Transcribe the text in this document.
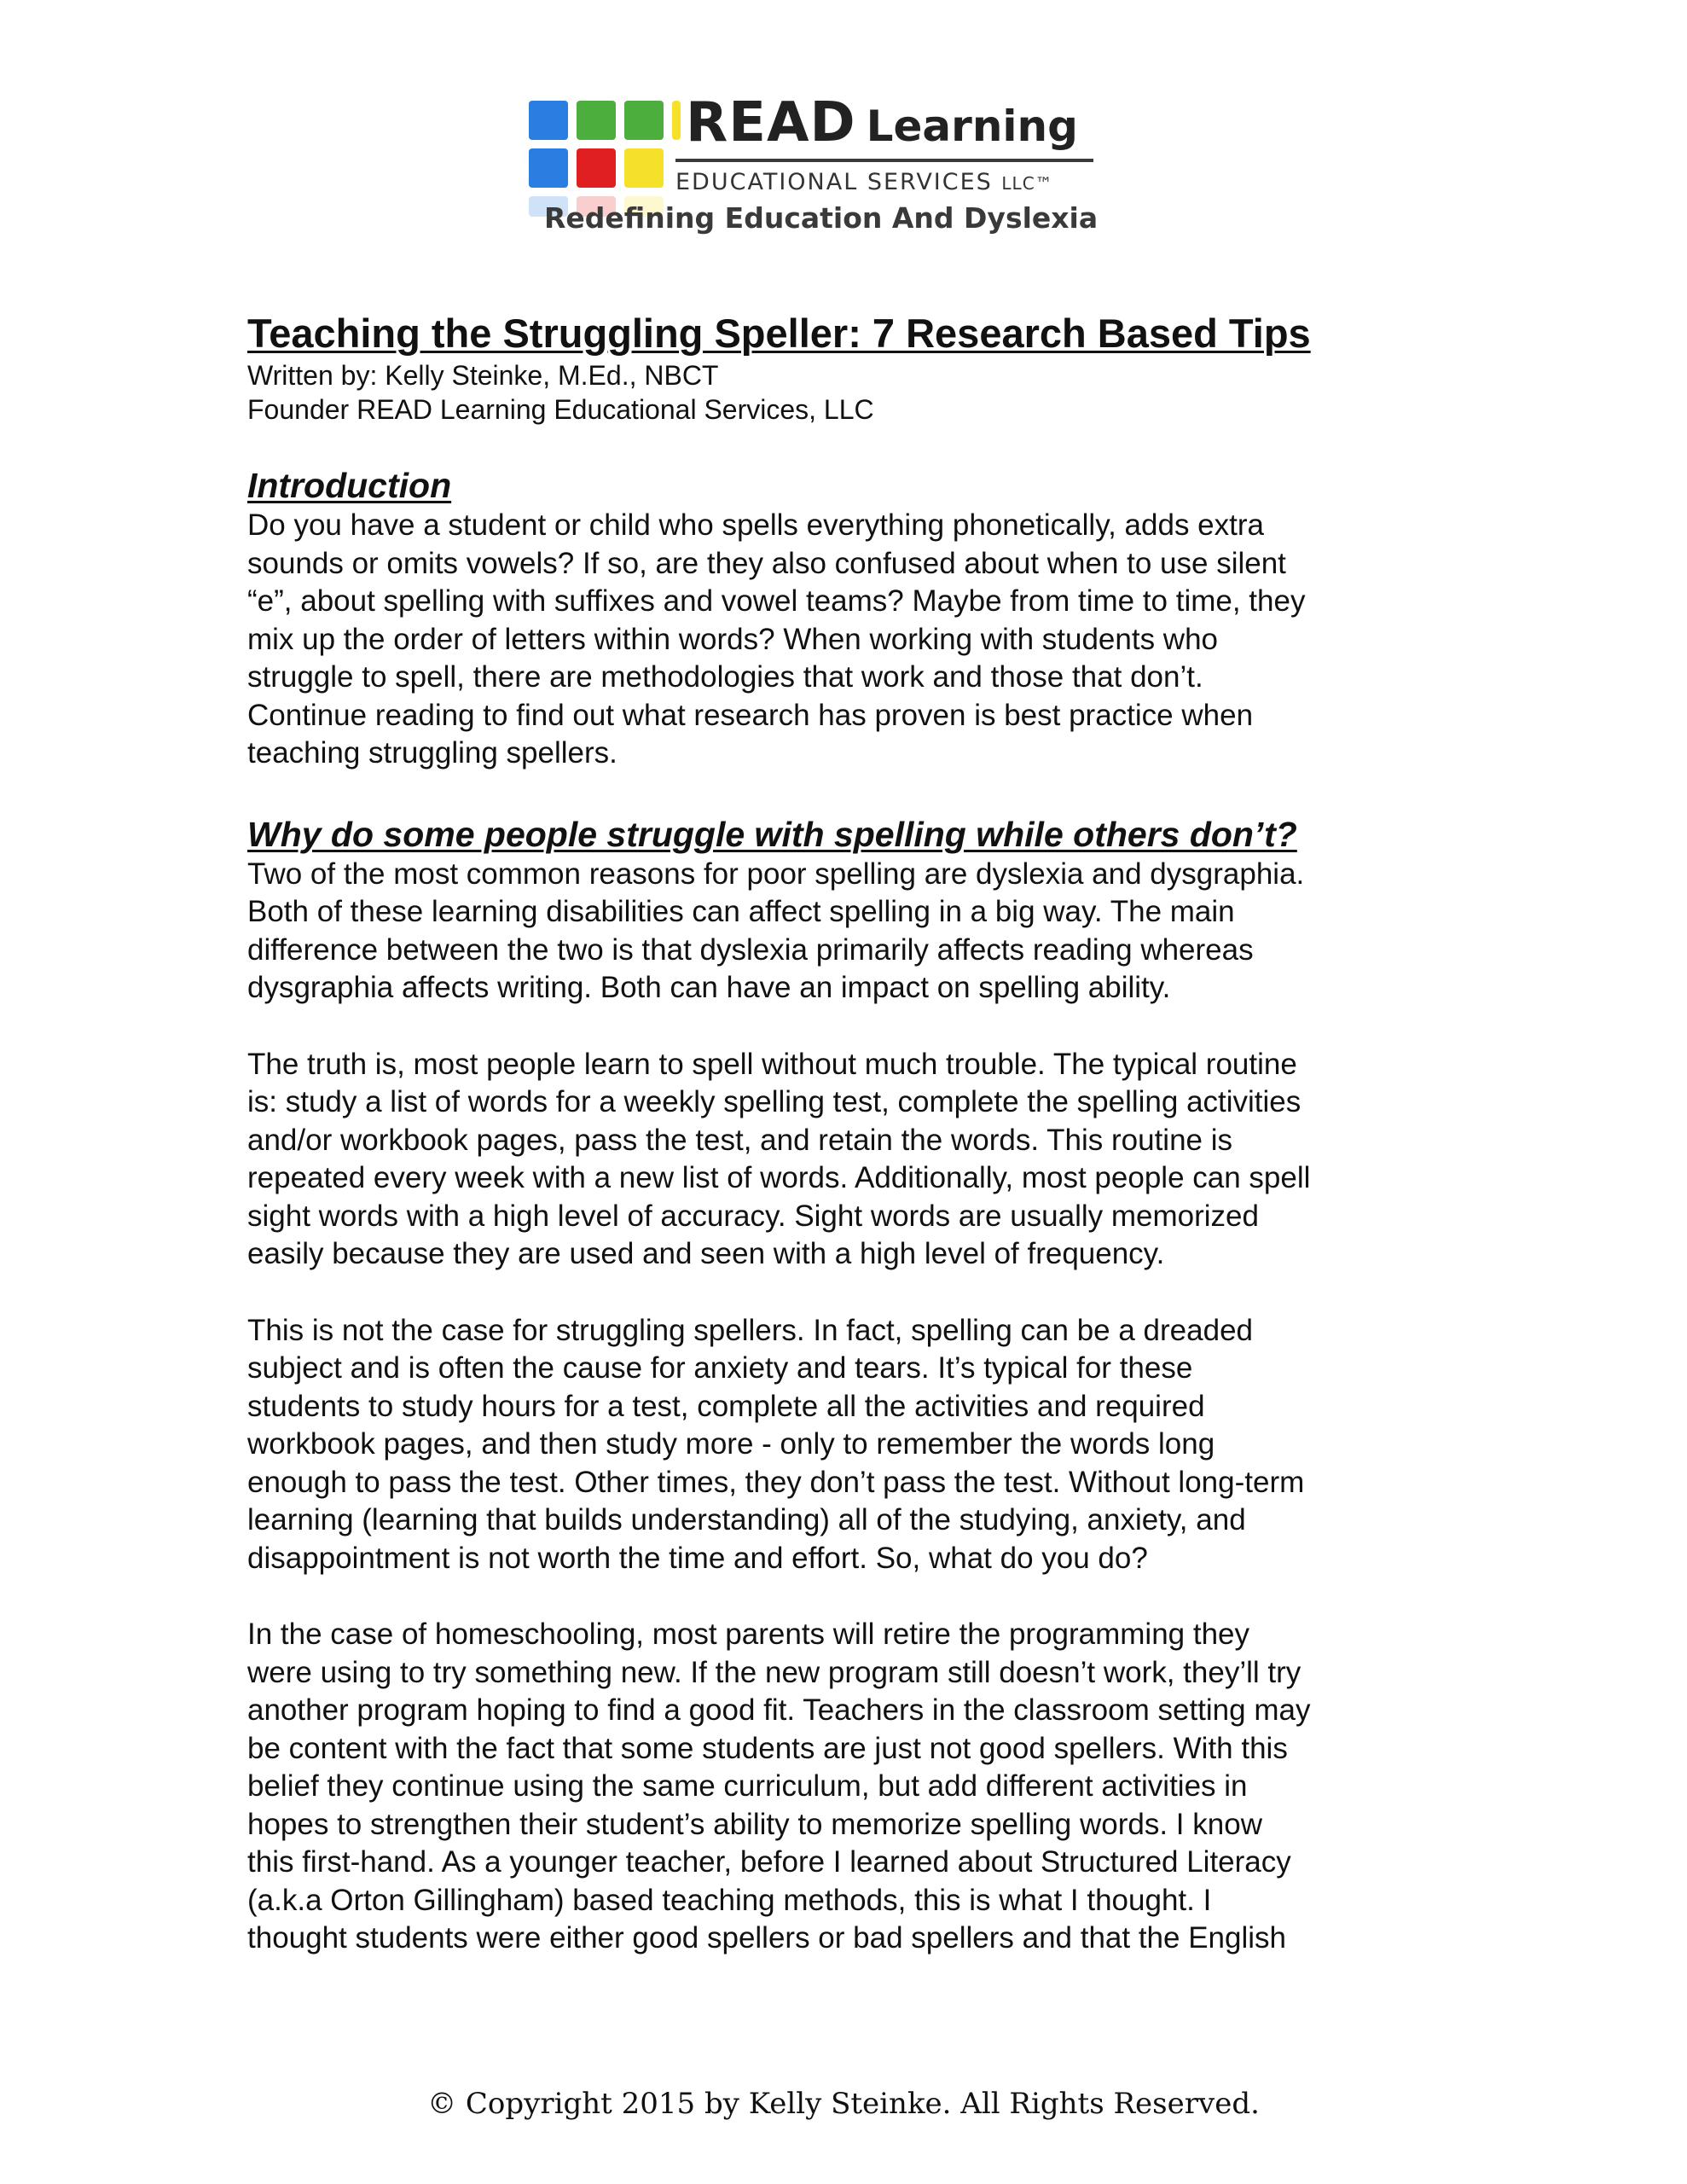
READ Learning
EDUCATIONAL SERVICES LLC™
Redefining Education And Dyslexia
Teaching the Struggling Speller: 7 Research Based Tips
Written by: Kelly Steinke, M.Ed., NBCT
Founder READ Learning Educational Services, LLC
Introduction

Do you have a student or child who spells everything phonetically, adds extra
sounds or omits vowels? If so, are they also confused about when to use silent
“e”, about spelling with suffixes and vowel teams? Maybe from time to time, they
mix up the order of letters within words? When working with students who
struggle to spell, there are methodologies that work and those that don’t.
Continue reading to find out what research has proven is best practice when
teaching struggling spellers.

Why do some people struggle with spelling while others don’t?

Two of the most common reasons for poor spelling are dyslexia and dysgraphia.
Both of these learning disabilities can affect spelling in a big way. The main
difference between the two is that dyslexia primarily affects reading whereas
dysgraphia affects writing. Both can have an impact on spelling ability.

The truth is, most people learn to spell without much trouble. The typical routine
is: study a list of words for a weekly spelling test, complete the spelling activities
and/or workbook pages, pass the test, and retain the words. This routine is
repeated every week with a new list of words. Additionally, most people can spell
sight words with a high level of accuracy. Sight words are usually memorized
easily because they are used and seen with a high level of frequency.

This is not the case for struggling spellers. In fact, spelling can be a dreaded
subject and is often the cause for anxiety and tears. It’s typical for these
students to study hours for a test, complete all the activities and required
workbook pages, and then study more - only to remember the words long
enough to pass the test. Other times, they don’t pass the test. Without long-term
learning (learning that builds understanding) all of the studying, anxiety, and
disappointment is not worth the time and effort. So, what do you do?

In the case of homeschooling, most parents will retire the programming they
were using to try something new. If the new program still doesn’t work, they’ll try
another program hoping to find a good fit. Teachers in the classroom setting may
be content with the fact that some students are just not good spellers. With this
belief they continue using the same curriculum, but add different activities in
hopes to strengthen their student’s ability to memorize spelling words. I know
this first-hand. As a younger teacher, before I learned about Structured Literacy
(a.k.a Orton Gillingham) based teaching methods, this is what I thought. I
thought students were either good spellers or bad spellers and that the English

© Copyright 2015 by Kelly Steinke. All Rights Reserved.
